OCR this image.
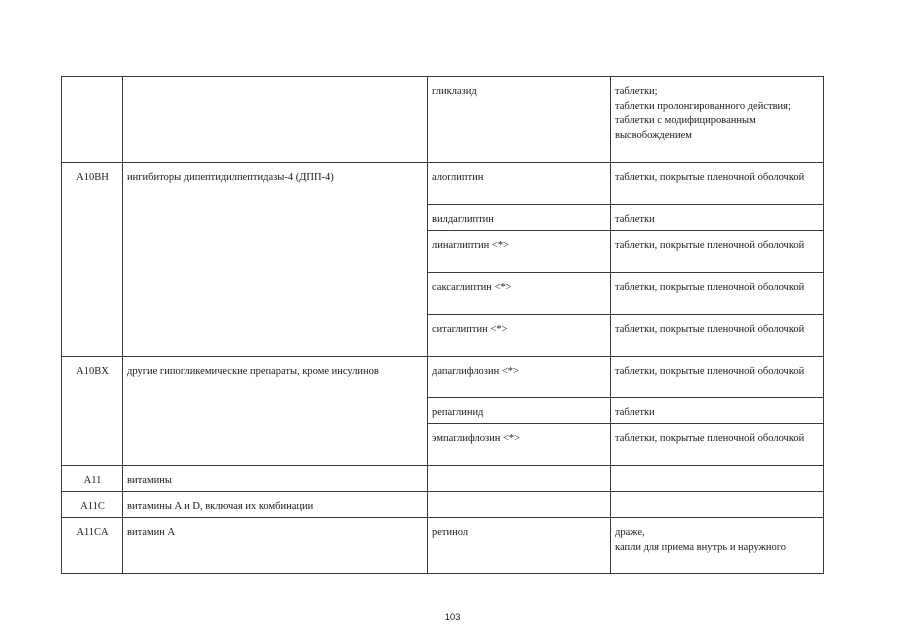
		гликлазид	таблетки;
таблетки пролонгированного действия;
таблетки с модифицированным высвобождением
A10BH	ингибиторы дипептидилпептидазы-4 (ДПП-4)	алоглиптин	таблетки, покрытые пленочной оболочкой
		вилдаглиптин	таблетки
		линаглиптин <*>	таблетки, покрытые пленочной оболочкой
		саксаглиптин <*>	таблетки, покрытые пленочной оболочкой
		ситаглиптин <*>	таблетки, покрытые пленочной оболочкой
A10BX	другие гипогликемические препараты, кроме инсулинов	дапаглифлозин <*>	таблетки, покрытые пленочной оболочкой
		репаглинид	таблетки
		эмпаглифлозин <*>	таблетки, покрытые пленочной оболочкой
A11	витамины		
A11C	витамины A и D, включая их комбинации		
A11CA	витамин A	ретинол	драже,
капли для приема внутрь и наружного
103
